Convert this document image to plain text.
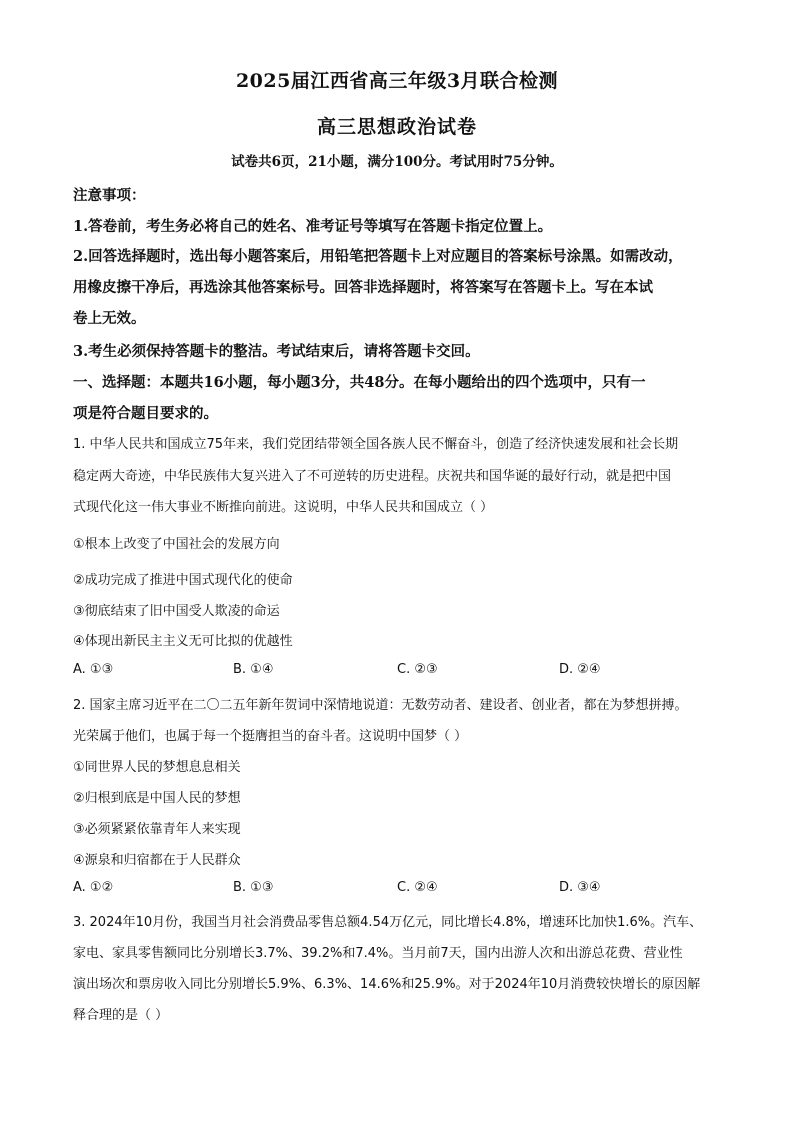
2025届江西省高三年级3月联合检测
高三思想政治试卷
试卷共6页，21小题，满分100分。考试用时75分钟。
注意事项：
1.答卷前，考生务必将自己的姓名、准考证号等填写在答题卡指定位置上。
2.回答选择题时，选出每小题答案后，用铅笔把答题卡上对应题目的答案标号涂黑。如需改动，
用橡皮擦干净后，再选涂其他答案标号。回答非选择题时，将答案写在答题卡上。写在本试
卷上无效。
3.考生必须保持答题卡的整洁。考试结束后，请将答题卡交回。
一、选择题：本题共16小题，每小题3分，共48分。在每小题给出的四个选项中，只有一
项是符合题目要求的。
1. 中华人民共和国成立75年来，我们党团结带领全国各族人民不懈奋斗，创造了经济快速发展和社会长期
稳定两大奇迹，中华民族伟大复兴进入了不可逆转的历史进程。庆祝共和国华诞的最好行动，就是把中国
式现代化这一伟大事业不断推向前进。这说明，中华人民共和国成立（ ）
①根本上改变了中国社会的发展方向
②成功完成了推进中国式现代化的使命
③彻底结束了旧中国受人欺凌的命运
④体现出新民主主义无可比拟的优越性
A. ①③	B. ①④	C. ②③	D. ②④
2. 国家主席习近平在二〇二五年新年贺词中深情地说道：无数劳动者、建设者、创业者，都在为梦想拼搏。
光荣属于他们，也属于每一个挺膺担当的奋斗者。这说明中国梦（ ）
①同世界人民的梦想息息相关
②归根到底是中国人民的梦想
③必须紧紧依靠青年人来实现
④源泉和归宿都在于人民群众
A. ①②	B. ①③	C. ②④	D. ③④
3. 2024年10月份，我国当月社会消费品零售总额4.54万亿元，同比增长4.8%，增速环比加快1.6%。汽车、
家电、家具零售额同比分别增长3.7%、39.2%和7.4%。当月前7天，国内出游人次和出游总花费、营业性
演出场次和票房收入同比分别增长5.9%、6.3%、14.6%和25.9%。对于2024年10月消费较快增长的原因解
释合理的是（ ）
